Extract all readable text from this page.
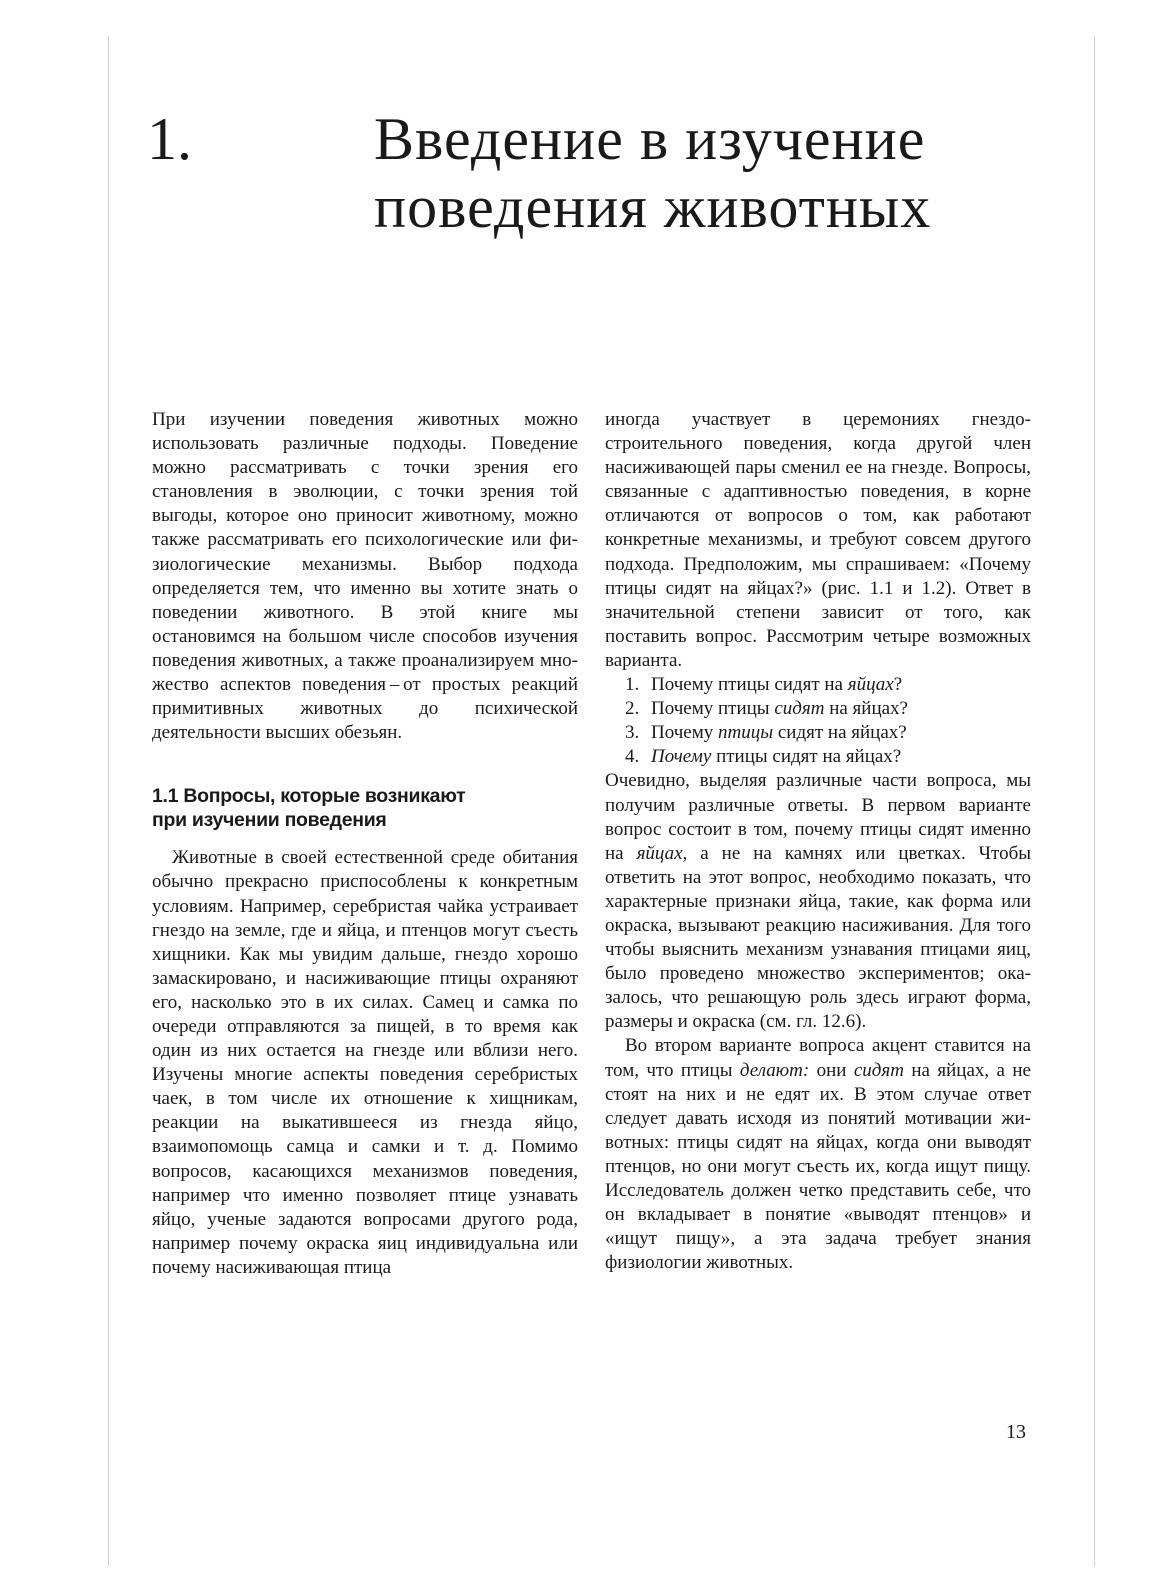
1.	Введение в изучение
поведения животных

При изучении поведения животных можно использовать различные подходы. Поведение можно рассматривать с точки зрения его становления в эволюции, с точки зрения той выгоды, которое оно приносит животному, можно также рассматривать его психологические или физиологические механизмы. Выбор подхода определяется тем, что именно вы хотите знать о поведении животного. В этой книге мы остановимся на большом числе способов изучения поведения животных, а также проанализируем множество аспектов поведения – от простых реакций примитивных животных до психической деятельности высших обезьян.

1.1 Вопросы, которые возникают
при изучении поведения

Животные в своей естественной среде обитания обычно прекрасно приспособлены к конкретным условиям. Например, серебристая чайка устраивает гнездо на земле, где и яйца, и птенцов могут съесть хищники. Как мы увидим дальше, гнездо хорошо замаскировано, и насиживающие птицы охраняют его, насколько это в их силах. Самец и самка по очереди отправляются за пищей, в то время как один из них остается на гнезде или вблизи него. Изучены многие аспекты поведения серебристых чаек, в том числе их отношение к хищникам, реакции на выкатившееся из гнезда яйцо, взаимопомощь самца и самки и т. д. Помимо вопросов, касающихся механизмов поведения, например что именно позволяет птице узнавать яйцо, ученые задаются вопросами другого рода, например почему окраска яиц индивидуальна или почему насиживающая птица

иногда участвует в церемониях гнездостроительного поведения, когда другой член насиживающей пары сменил ее на гнезде. Вопросы, связанные с адаптивностью поведения, в корне отличаются от вопросов о том, как работают конкретные механизмы, и требуют совсем другого подхода. Предположим, мы спрашиваем: «Почему птицы сидят на яйцах?» (рис. 1.1 и 1.2). Ответ в значительной степени зависит от того, как поставить вопрос. Рассмотрим четыре возможных варианта.

1. Почему птицы сидят на яйцах?
2. Почему птицы сидят на яйцах?
3. Почему птицы сидят на яйцах?
4. Почему птицы сидят на яйцах?

Очевидно, выделяя различные части вопроса, мы получим различные ответы. В первом варианте вопрос состоит в том, почему птицы сидят именно на яйцах, а не на камнях или цветках. Чтобы ответить на этот вопрос, необходимо показать, что характерные признаки яйца, такие, как форма или окраска, вызывают реакцию насиживания. Для того чтобы выяснить механизм узнавания птицами яиц, было проведено множество экспериментов; оказалось, что решающую роль здесь играют форма, размеры и окраска (см. гл. 12.6).

Во втором варианте вопроса акцент ставится на том, что птицы делают: они сидят на яйцах, а не стоят на них и не едят их. В этом случае ответ следует давать исходя из понятий мотивации животных: птицы сидят на яйцах, когда они выводят птенцов, но они могут съесть их, когда ищут пищу. Исследователь должен четко представить себе, что он вкладывает в понятие «выводят птенцов» и «ищут пищу», а эта задача требует знания физиологии животных.

13
